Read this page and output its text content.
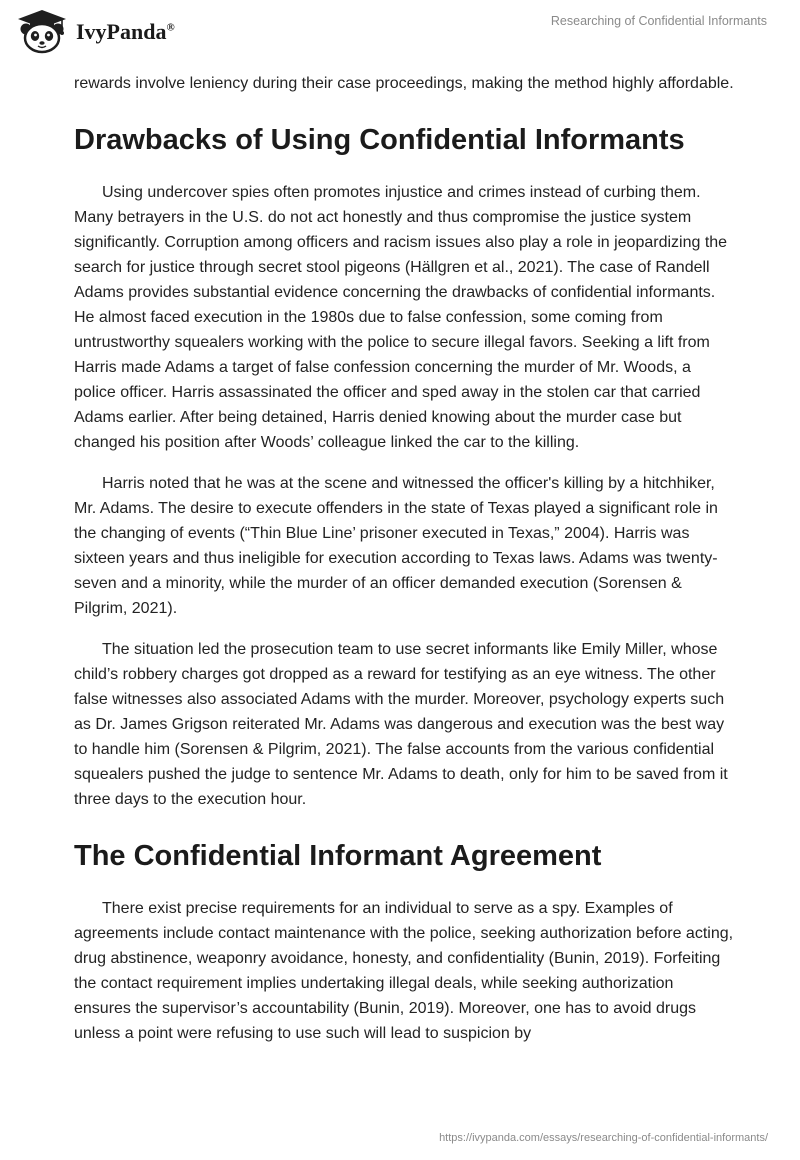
IvyPanda®	Researching of Confidential Informants

rewards involve leniency during their case proceedings, making the method highly affordable.

Drawbacks of Using Confidential Informants

Using undercover spies often promotes injustice and crimes instead of curbing them. Many betrayers in the U.S. do not act honestly and thus compromise the justice system significantly. Corruption among officers and racism issues also play a role in jeopardizing the search for justice through secret stool pigeons (Hällgren et al., 2021). The case of Randell Adams provides substantial evidence concerning the drawbacks of confidential informants. He almost faced execution in the 1980s due to false confession, some coming from untrustworthy squealers working with the police to secure illegal favors. Seeking a lift from Harris made Adams a target of false confession concerning the murder of Mr. Woods, a police officer. Harris assassinated the officer and sped away in the stolen car that carried Adams earlier. After being detained, Harris denied knowing about the murder case but changed his position after Woods’ colleague linked the car to the killing.

Harris noted that he was at the scene and witnessed the officer's killing by a hitchhiker, Mr. Adams. The desire to execute offenders in the state of Texas played a significant role in the changing of events (“Thin Blue Line’ prisoner executed in Texas,” 2004). Harris was sixteen years and thus ineligible for execution according to Texas laws. Adams was twenty-seven and a minority, while the murder of an officer demanded execution (Sorensen & Pilgrim, 2021).

The situation led the prosecution team to use secret informants like Emily Miller, whose child’s robbery charges got dropped as a reward for testifying as an eye witness. The other false witnesses also associated Adams with the murder. Moreover, psychology experts such as Dr. James Grigson reiterated Mr. Adams was dangerous and execution was the best way to handle him (Sorensen & Pilgrim, 2021). The false accounts from the various confidential squealers pushed the judge to sentence Mr. Adams to death, only for him to be saved from it three days to the execution hour.

The Confidential Informant Agreement

There exist precise requirements for an individual to serve as a spy. Examples of agreements include contact maintenance with the police, seeking authorization before acting, drug abstinence, weaponry avoidance, honesty, and confidentiality (Bunin, 2019). Forfeiting the contact requirement implies undertaking illegal deals, while seeking authorization ensures the supervisor’s accountability (Bunin, 2019). Moreover, one has to avoid drugs unless a point were refusing to use such will lead to suspicion by

https://ivypanda.com/essays/researching-of-confidential-informants/
